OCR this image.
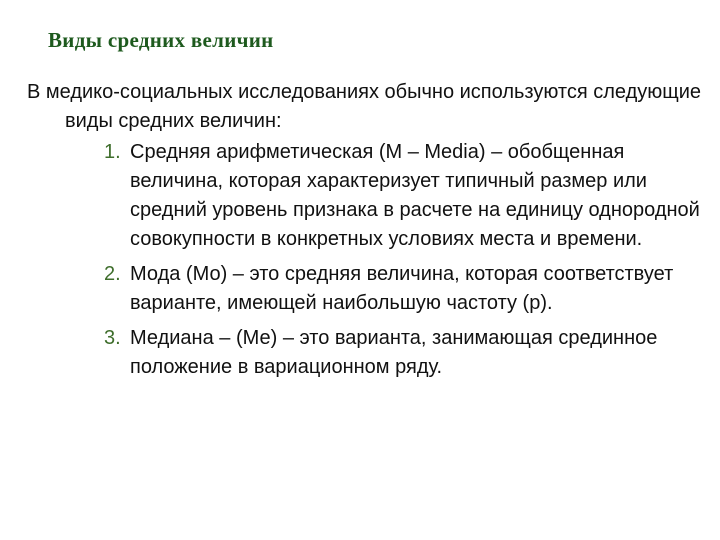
Виды средних величин

В медико-социальных исследованиях обычно используются следующие виды средних величин:

1. Средняя арифметическая (M – Media) – обобщенная величина, которая характеризует типичный размер или средний уровень признака в расчете на единицу однородной совокупности в конкретных условиях места и времени.
2. Мода (Мо) – это средняя величина, которая соответствует варианте, имеющей наибольшую частоту (р).
3. Медиана – (Ме) – это варианта, занимающая срединное положение в вариационном ряду.
